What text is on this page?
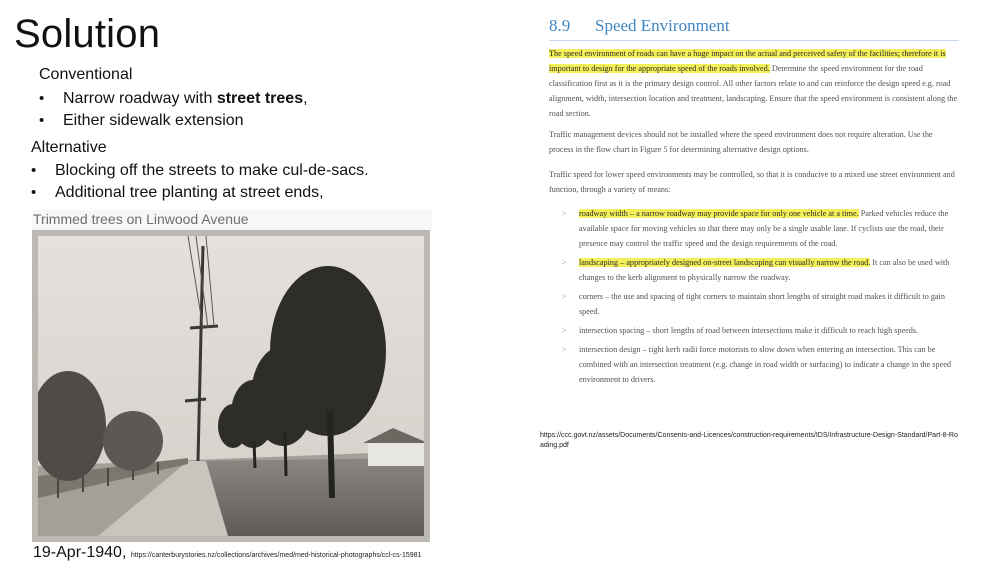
Solution
Conventional
• Narrow roadway with street trees,
• Either sidewalk extension
Alternative
• Blocking off the streets to make cul-de-sacs.
• Additional tree planting at street ends,
Trimmed trees on Linwood Avenue
19-Apr-1940, https://canterburystories.nz/collections/archives/med/med-historical-photographs/ccl-cs-15981
8.9 Speed Environment
The speed environment of roads can have a huge impact on the actual and perceived safety of the facilities; therefore it is important to design for the appropriate speed of the roads involved. Determine the speed environment for the road classification first as it is the primary design control. All other factors relate to and can reinforce the design speed e.g. road alignment, width, intersection location and treatment, landscaping. Ensure that the speed environment is consistent along the road section.
Traffic management devices should not be installed where the speed environment does not require alteration. Use the process in the flow chart in Figure 5 for determining alternative design options.
Traffic speed for lower speed environments may be controlled, so that it is conducive to a mixed use street environment and function, through a variety of means:
> roadway width – a narrow roadway may provide space for only one vehicle at a time. Parked vehicles reduce the available space for moving vehicles so that there may only be a single usable lane. If cyclists use the road, their presence may control the traffic speed and the design requirements of the road.
> landscaping – appropriately designed on-street landscaping can visually narrow the road. It can also be used with changes to the kerb alignment to physically narrow the roadway.
> corners – the use and spacing of tight corners to maintain short lengths of straight road makes it difficult to gain speed.
> intersection spacing – short lengths of road between intersections make it difficult to reach high speeds.
> intersection design – tight kerb radii force motorists to slow down when entering an intersection. This can be combined with an intersection treatment (e.g. change in road width or surfacing) to indicate a change in the speed environment to drivers.
https://ccc.govt.nz/assets/Documents/Consents-and-Licences/construction-requirements/IDS/Infrastructure-Design-Standard/Part-8-Roading.pdf
